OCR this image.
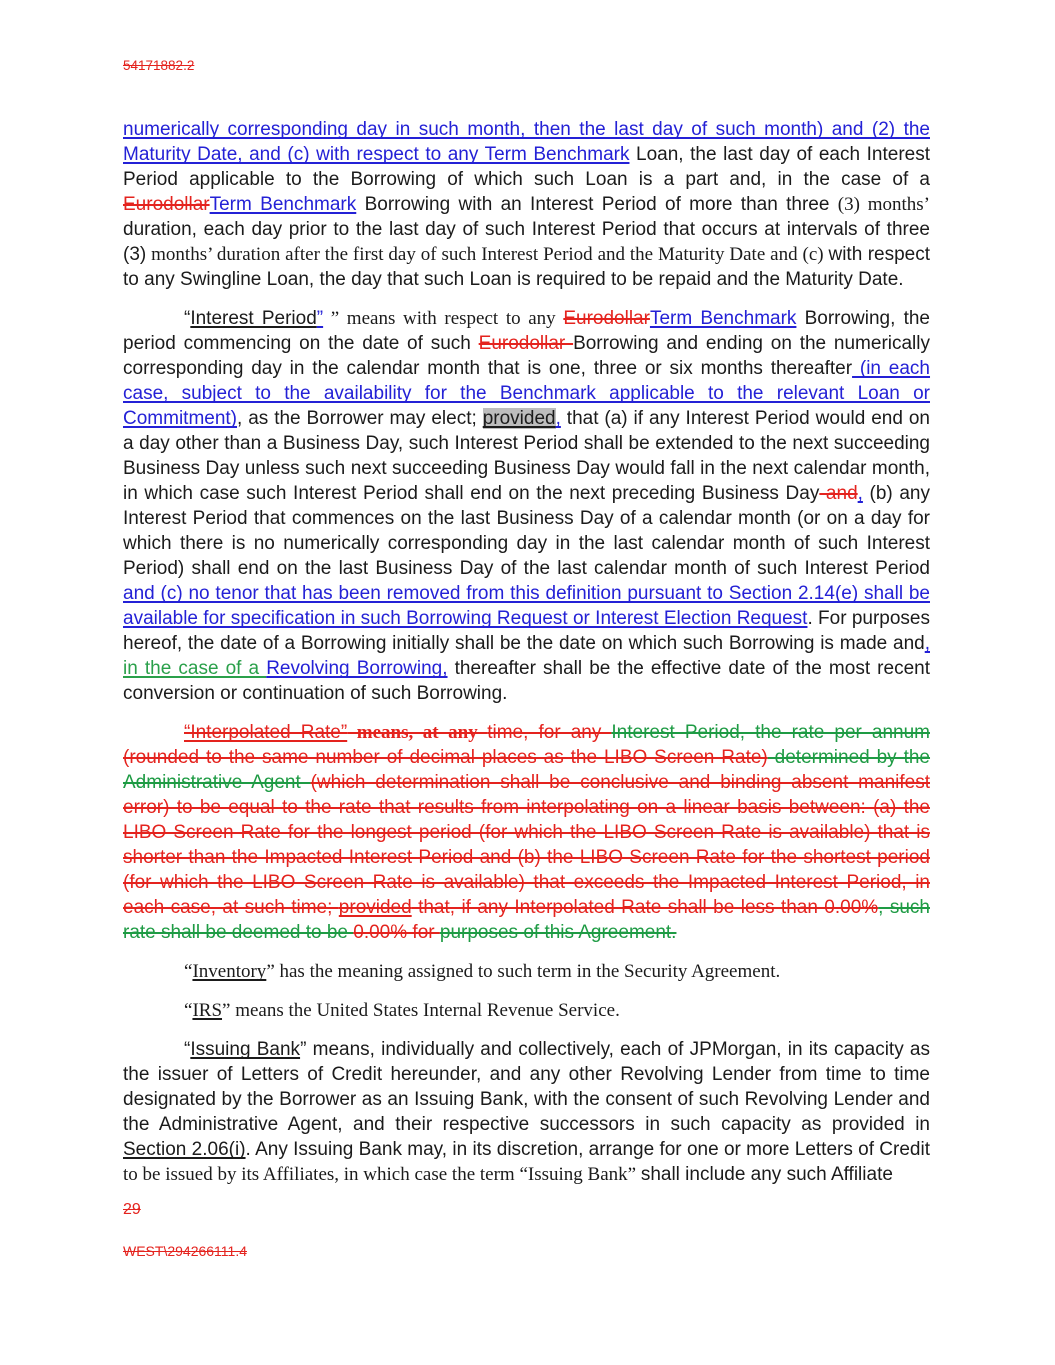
54171882.2

numerically corresponding day in such month, then the last day of such month) and (2) the Maturity Date, and (c) with respect to any Term Benchmark Loan, the last day of each Interest Period applicable to the Borrowing of which such Loan is a part and, in the case of a EurodollarTerm Benchmark Borrowing with an Interest Period of more than three (3) months’ duration, each day prior to the last day of such Interest Period that occurs at intervals of three (3) months’ duration after the first day of such Interest Period and the Maturity Date and (c) with respect to any Swingline Loan, the day that such Loan is required to be repaid and the Maturity Date.

“Interest Period” ” means with respect to any EurodollarTerm Benchmark Borrowing, the period commencing on the date of such Eurodollar Borrowing and ending on the numerically corresponding day in the calendar month that is one, three or six months thereafter (in each case, subject to the availability for the Benchmark applicable to the relevant Loan or Commitment), as the Borrower may elect; provided, that (a) if any Interest Period would end on a day other than a Business Day, such Interest Period shall be extended to the next succeeding Business Day unless such next succeeding Business Day would fall in the next calendar month, in which case such Interest Period shall end on the next preceding Business Day and, (b) any Interest Period that commences on the last Business Day of a calendar month (or on a day for which there is no numerically corresponding day in the last calendar month of such Interest Period) shall end on the last Business Day of the last calendar month of such Interest Period and (c) no tenor that has been removed from this definition pursuant to Section 2.14(e) shall be available for specification in such Borrowing Request or Interest Election Request. For purposes hereof, the date of a Borrowing initially shall be the date on which such Borrowing is made and, in the case of a Revolving Borrowing, thereafter shall be the effective date of the most recent conversion or continuation of such Borrowing.

“Interpolated Rate” means, at any time, for any Interest Period, the rate per annum (rounded to the same number of decimal places as the LIBO Screen Rate) determined by the Administrative Agent (which determination shall be conclusive and binding absent manifest error) to be equal to the rate that results from interpolating on a linear basis between: (a) the LIBO Screen Rate for the longest period (for which the LIBO Screen Rate is available) that is shorter than the Impacted Interest Period and (b) the LIBO Screen Rate for the shortest period (for which the LIBO Screen Rate is available) that exceeds the Impacted Interest Period, in each case, at such time; provided that, if any Interpolated Rate shall be less than 0.00%, such rate shall be deemed to be 0.00% for purposes of this Agreement.

“Inventory” has the meaning assigned to such term in the Security Agreement.

“IRS” means the United States Internal Revenue Service.

“Issuing Bank” means, individually and collectively, each of JPMorgan, in its capacity as the issuer of Letters of Credit hereunder, and any other Revolving Lender from time to time designated by the Borrower as an Issuing Bank, with the consent of such Revolving Lender and the Administrative Agent, and their respective successors in such capacity as provided in Section 2.06(i). Any Issuing Bank may, in its discretion, arrange for one or more Letters of Credit to be issued by its Affiliates, in which case the term “Issuing Bank” shall include any such Affiliate

29
WEST\294266111.4
